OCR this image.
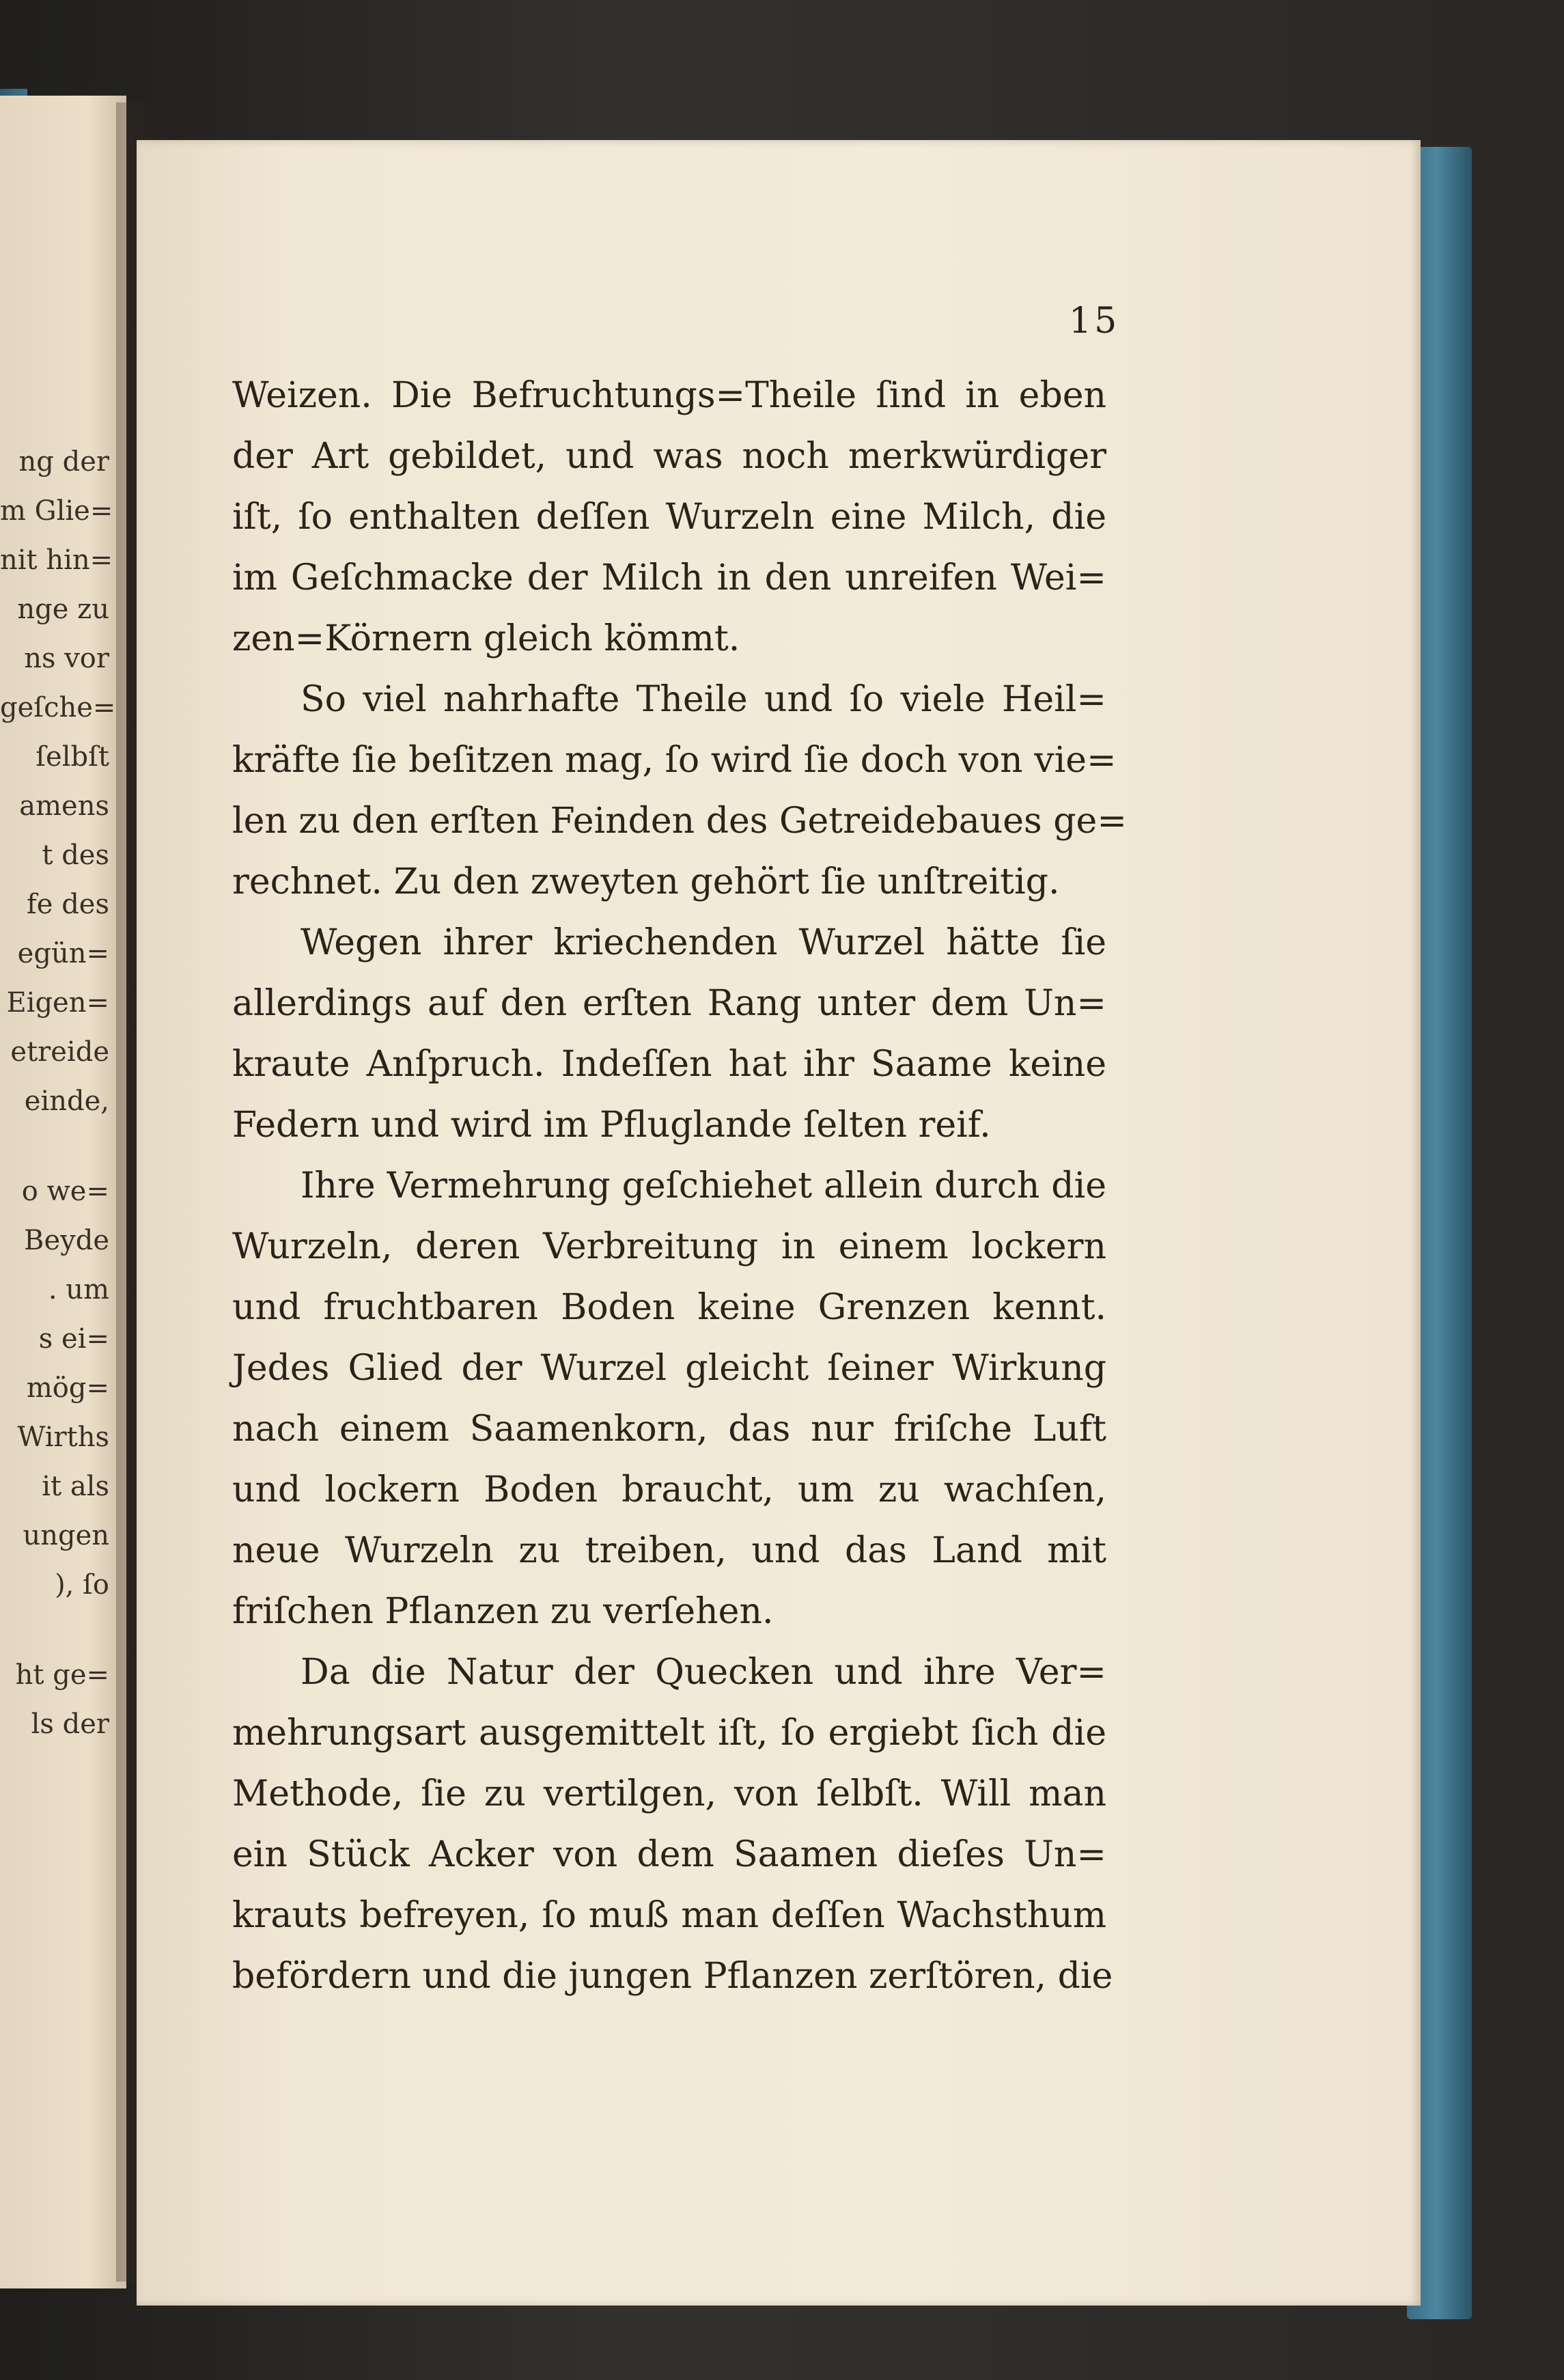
ng der
m Glie=
nit hin=
nge zu
ns vor
geſche=
ſelbſt
amens
t des
fe des
egün=
Eigen=
etreide
einde,
o we=
Beyde
. um
s ei=
mög=
Wirths
it als
ungen
), ſo
ht ge=
ls der
15
Weizen. Die Befruchtungs=Theile ſind in eben
der Art gebildet, und was noch merkwürdiger
iſt, ſo enthalten deſſen Wurzeln eine Milch, die
im Geſchmacke der Milch in den unreifen Wei=
zen=Körnern gleich kömmt.
So viel nahrhafte Theile und ſo viele Heil=
kräfte ſie beſitzen mag, ſo wird ſie doch von vie=
len zu den erſten Feinden des Getreidebaues ge=
rechnet. Zu den zweyten gehört ſie unſtreitig.
Wegen ihrer kriechenden Wurzel hätte ſie
allerdings auf den erſten Rang unter dem Un=
kraute Anſpruch. Indeſſen hat ihr Saame keine
Federn und wird im Pfluglande ſelten reif.
Ihre Vermehrung geſchiehet allein durch die
Wurzeln, deren Verbreitung in einem lockern
und fruchtbaren Boden keine Grenzen kennt.
Jedes Glied der Wurzel gleicht ſeiner Wirkung
nach einem Saamenkorn, das nur friſche Luft
und lockern Boden braucht, um zu wachſen,
neue Wurzeln zu treiben, und das Land mit
friſchen Pflanzen zu verſehen.
Da die Natur der Quecken und ihre Ver=
mehrungsart ausgemittelt iſt, ſo ergiebt ſich die
Methode, ſie zu vertilgen, von ſelbſt. Will man
ein Stück Acker von dem Saamen dieſes Un=
krauts befreyen, ſo muß man deſſen Wachsthum
befördern und die jungen Pflanzen zerſtören, die
